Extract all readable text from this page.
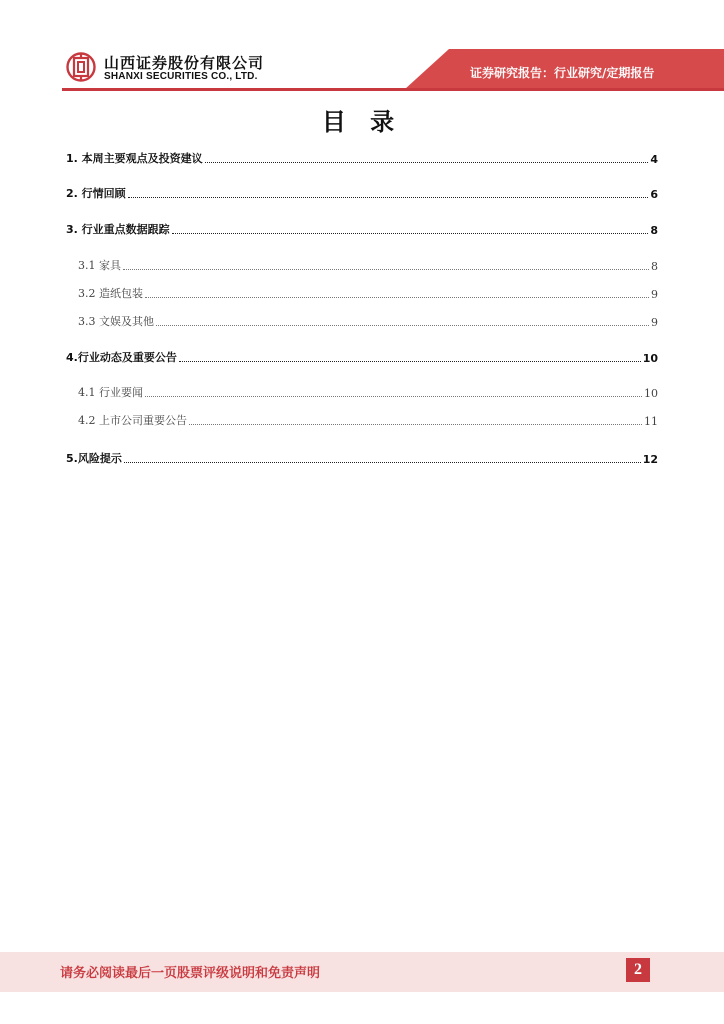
山西证券股份有限公司
SHANXI SECURITIES CO., LTD.	证券研究报告：行业研究/定期报告
目 录
1. 本周主要观点及投资建议	4
2. 行情回顾	6
3. 行业重点数据跟踪	8
3.1 家具	8
3.2 造纸包装	9
3.3 文娱及其他	9
4.行业动态及重要公告	10
4.1 行业要闻	10
4.2 上市公司重要公告	11
5.风险提示	12
请务必阅读最后一页股票评级说明和免责声明	2
